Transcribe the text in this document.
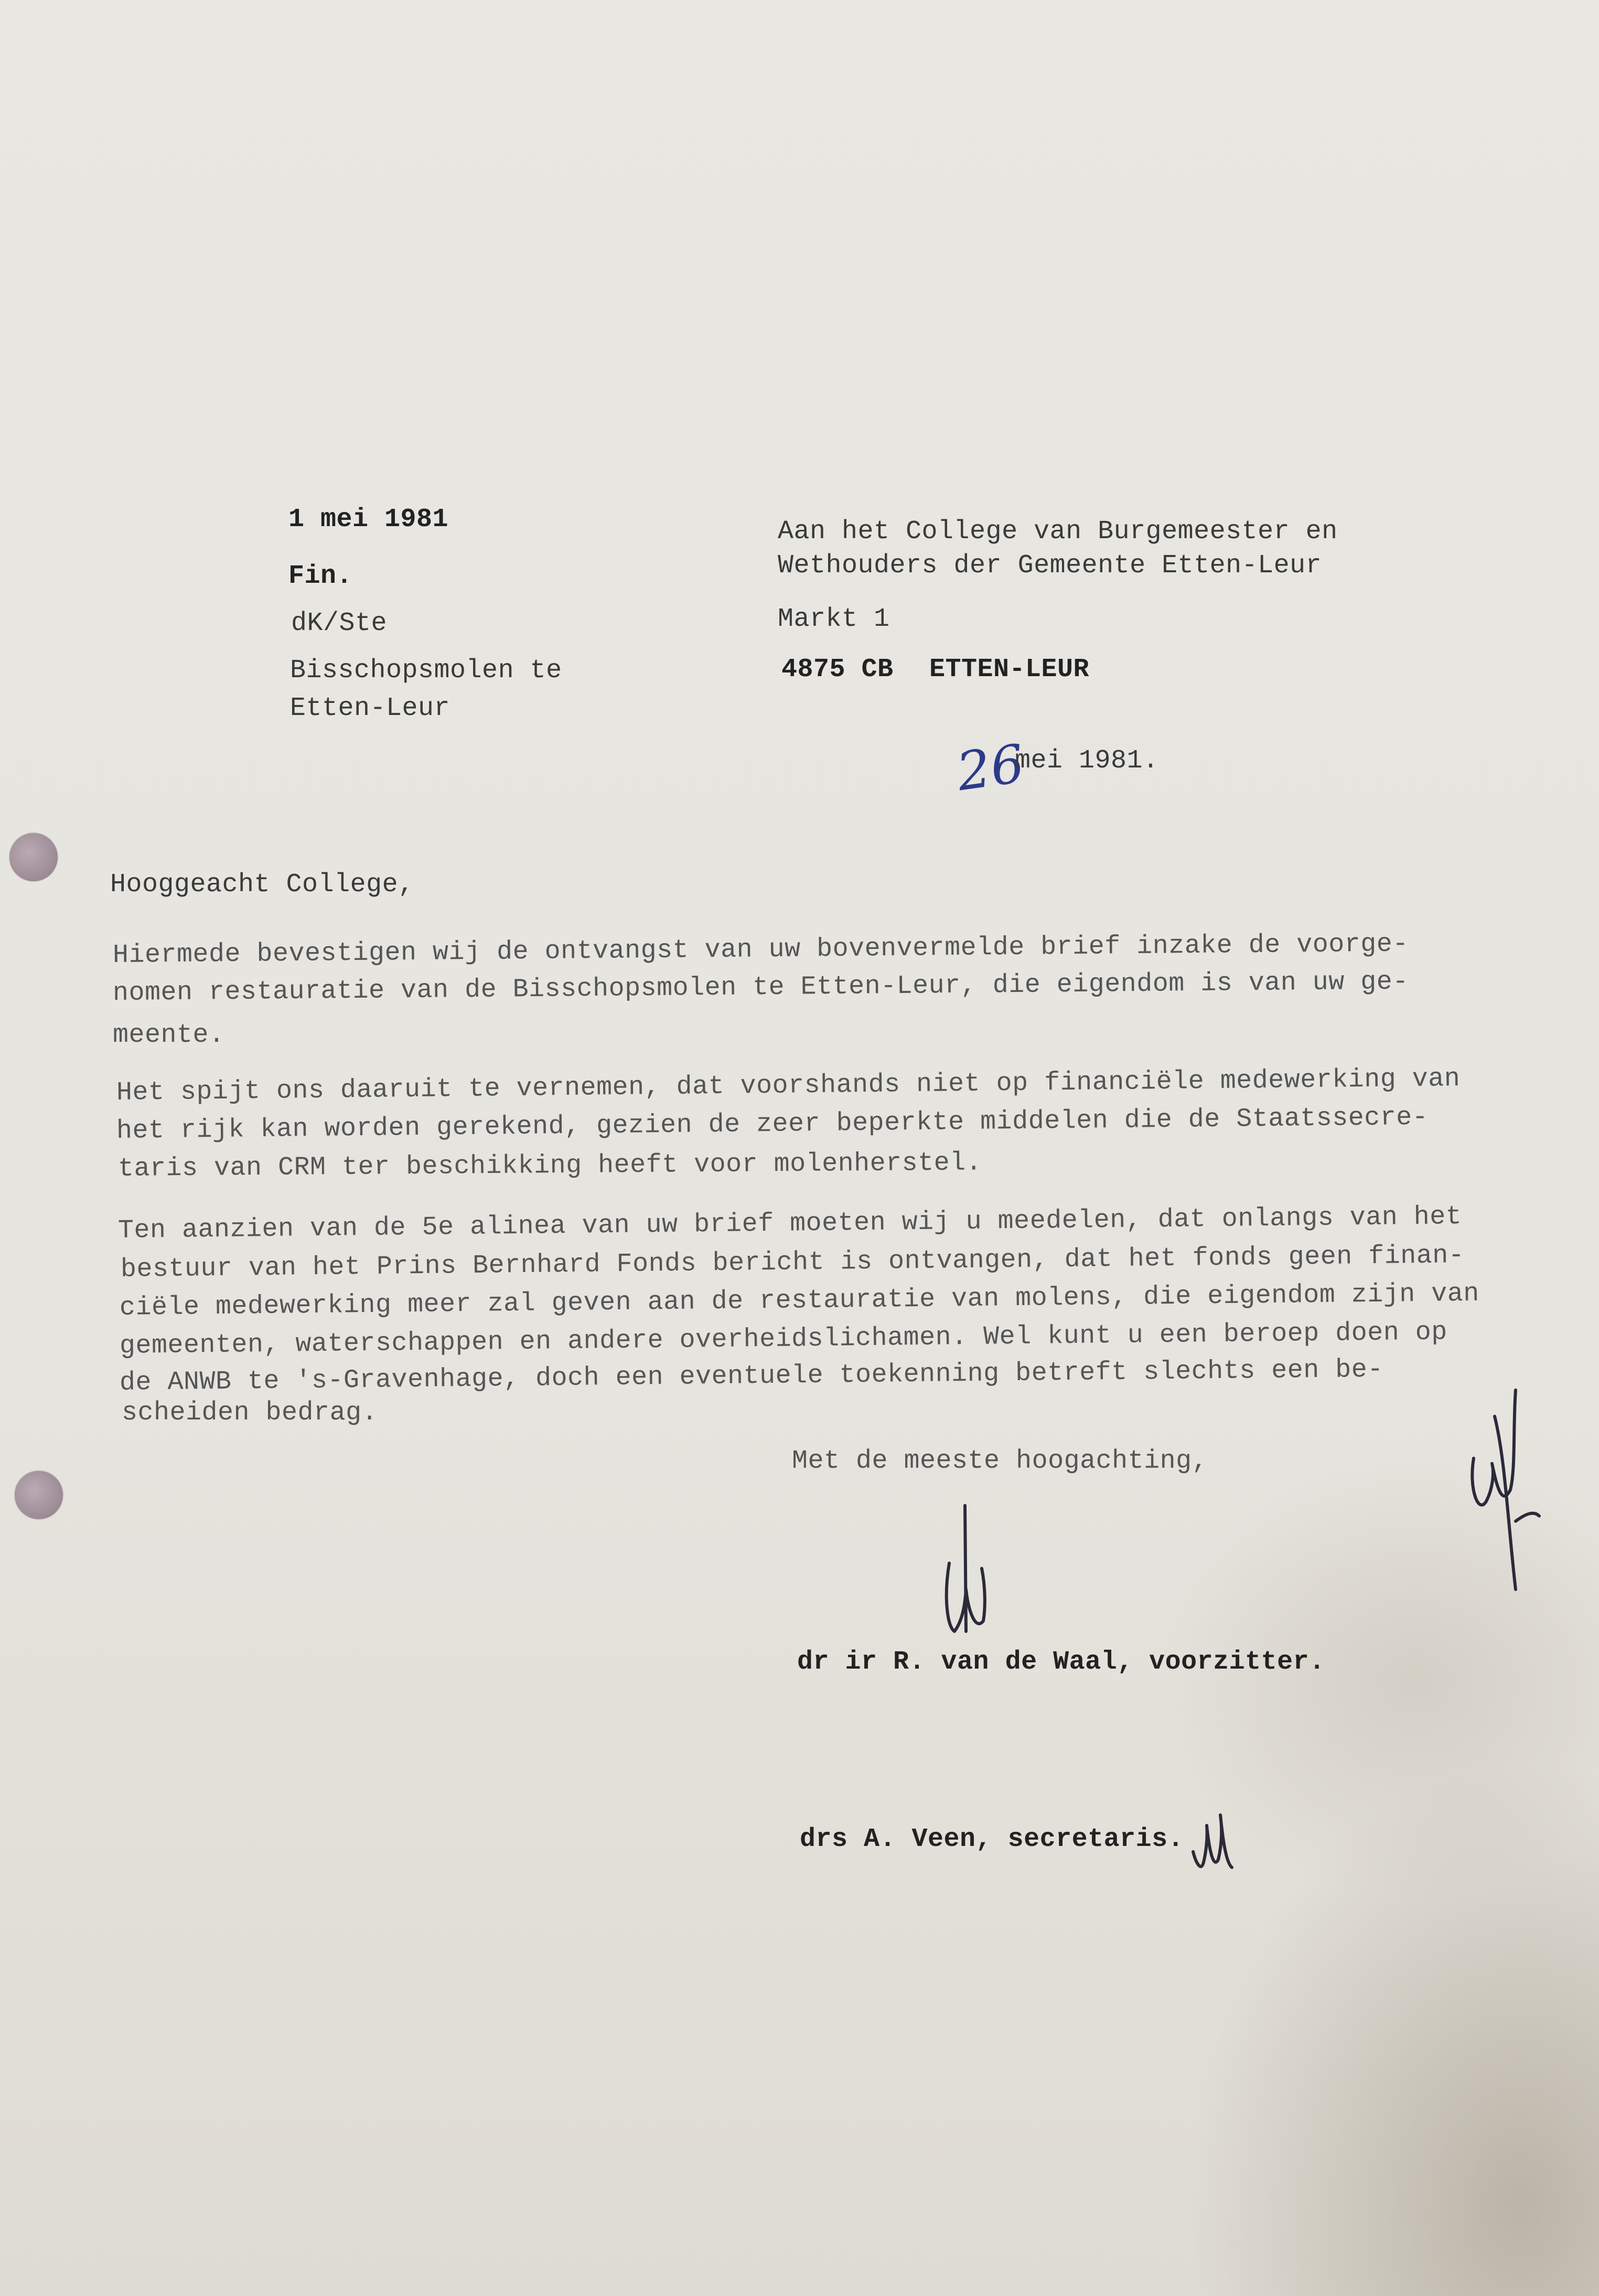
1 mei 1981
Fin.
dK/Ste
Bisschopsmolen te
Etten-Leur
Aan het College van Burgemeester en
Wethouders der Gemeente Etten-Leur
Markt 1
4875 CB ETTEN-LEUR
26
mei 1981.
Hooggeacht College,
Hiermede bevestigen wij de ontvangst van uw bovenvermelde brief inzake de voorge-
nomen restauratie van de Bisschopsmolen te Etten-Leur, die eigendom is van uw ge-
meente.
Het spijt ons daaruit te vernemen, dat voorshands niet op financiële medewerking van
het rijk kan worden gerekend, gezien de zeer beperkte middelen die de Staatssecre-
taris van CRM ter beschikking heeft voor molenherstel.
Ten aanzien van de 5e alinea van uw brief moeten wij u meedelen, dat onlangs van het
bestuur van het Prins Bernhard Fonds bericht is ontvangen, dat het fonds geen finan-
ciële medewerking meer zal geven aan de restauratie van molens, die eigendom zijn van
gemeenten, waterschappen en andere overheidslichamen. Wel kunt u een beroep doen op
de ANWB te 's-Gravenhage, doch een eventuele toekenning betreft slechts een be-
scheiden bedrag.
Met de meeste hoogachting,
dr ir R. van de Waal, voorzitter.
drs A. Veen, secretaris.
